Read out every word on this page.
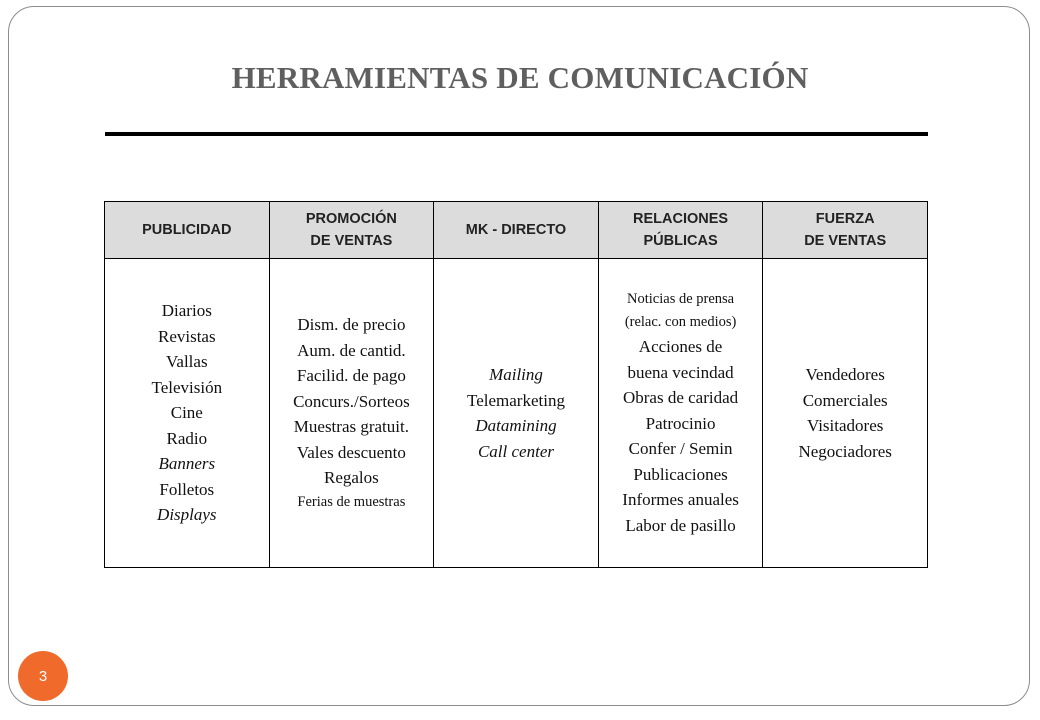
HERRAMIENTAS DE COMUNICACIÓN
PUBLICIDAD
Diarios
Revistas
Vallas
Televisión
Cine
Radio
Banners
Folletos
Displays
PROMOCIÓN
DE VENTAS
Dism. de precio
Aum. de cantid.
Facilid. de pago
Concurs./Sorteos
Muestras gratuit.
Vales descuento
Regalos
Ferias de muestras
MK - DIRECTO
Mailing
Telemarketing
Datamining
Call center
RELACIONES
PÚBLICAS
Noticias de prensa
(relac. con medios)
Acciones de
buena vecindad
Obras de caridad
Patrocinio
Confer / Semin
Publicaciones
Informes anuales
Labor de pasillo
FUERZA
DE VENTAS
Vendedores
Comerciales
Visitadores
Negociadores
3
